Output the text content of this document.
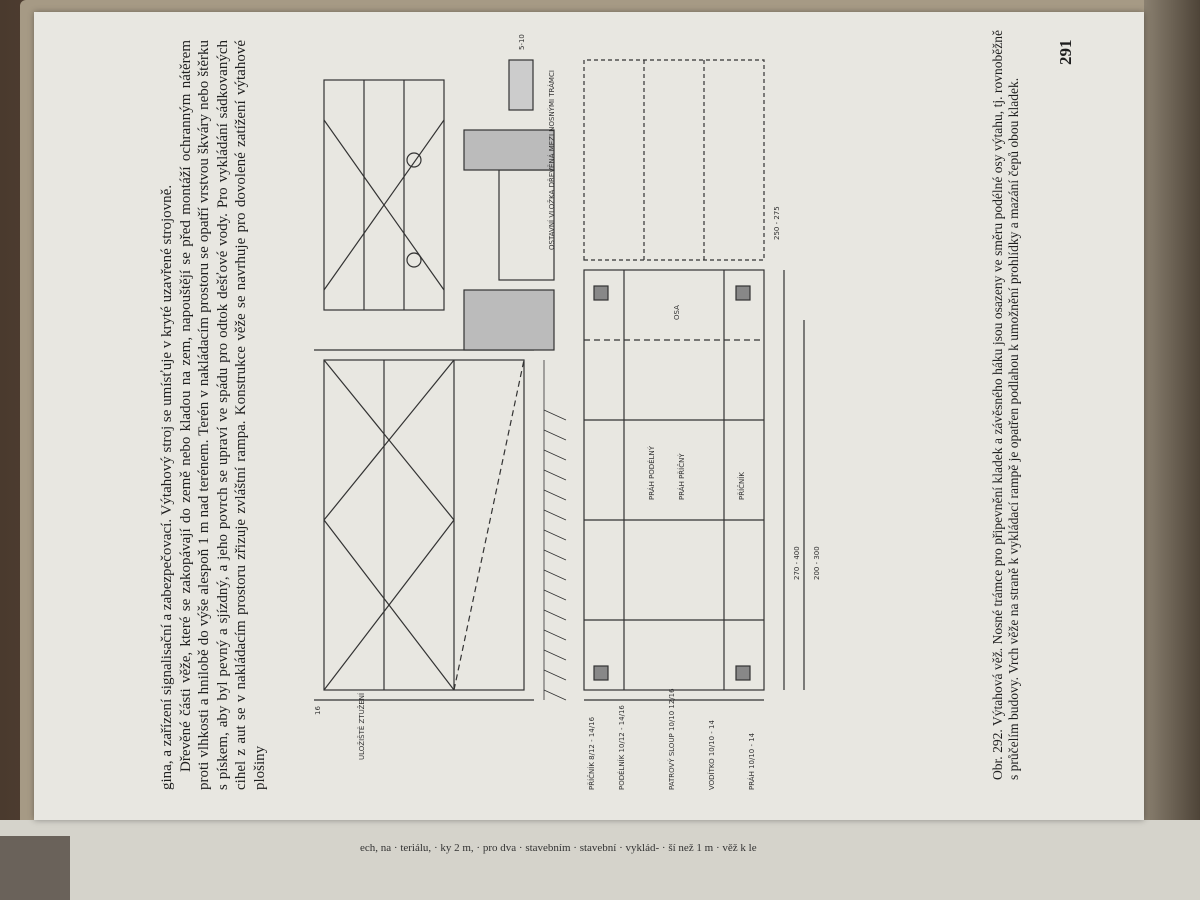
ech, na · teriálu, · ky 2 m, · pro dva · stavebním · stavební · vyklád- · ší než 1 m · věž k le

gina, a zařízení signalisační a zabezpečovací. Výtahový stroj se umísťuje v kryté uzavřené strojovně. Dřevěné části věže, které se zakopávají do země nebo kladou na zem, napouštějí se před montáží ochranným nátěrem proti vlhkosti a hnilobě do výše alespoň 1 m nad terénem. Terén v nakládacím prostoru se opatří vrstvou škváry nebo štěrku s pískem, aby byl pevný a sjízdný, a jeho povrch se upraví ve spádu pro odtok dešťové vody. Pro vykládání sádkovaných cihel z aut se v nakládacím prostoru zřizuje zvláštní rampa. Konstrukce věže se navrhuje pro dovolené zatížení výtahové plošiny

ULOŽIŠTĚ ZTUŽENÍ	PŘÍČNÍK 8/12 - 14/16	PODÉLNÍK 10/12 - 14/16	PATROVÝ SLOUP 10/10 12/16	VODÍTKO 10/10 - 14	PRÁH 10/10 - 14
OSTAVNÍ VLOŽKA DŘEVĚNÁ MEZI NOSNÝMI TRÁMCI
5-10
16
270 - 400 200 - 300
250 - 275
PRÁH PODÉLNÝ	PRÁH PŘÍČNÝ	PŘÍČNÍK
OSA	Obr. 292. Výtahová věž. Nosné trámce pro připevnění kladek a závěsného háku jsou osazeny ve směru podélné osy výtahu, tj. rovnoběžně s průčelím budovy. Vrch věže na straně k vykládací rampě je opatřen podlahou k umožnění prohlídky a mazání čepů obou kladek.
291
